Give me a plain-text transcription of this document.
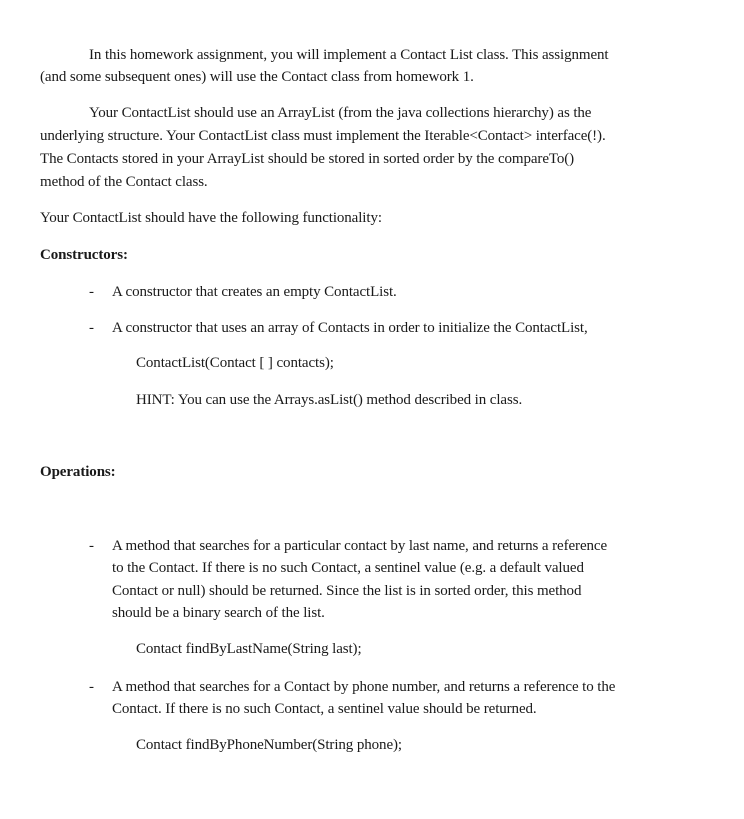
In this homework assignment, you will implement a Contact List class. This assignment
(and some subsequent ones) will use the Contact class from homework 1.
Your ContactList should use an ArrayList (from the java collections hierarchy) as the
underlying structure. Your ContactList class must implement the Iterable<Contact> interface(!).
The Contacts stored in your ArrayList should be stored in sorted order by the compareTo()
method of the Contact class.
Your ContactList should have the following functionality:
Constructors:
- A constructor that creates an empty ContactList.
- A constructor that uses an array of Contacts in order to initialize the ContactList,
ContactList(Contact [ ] contacts);
HINT: You can use the Arrays.asList() method described in class.
Operations:
- A method that searches for a particular contact by last name, and returns a reference
to the Contact. If there is no such Contact, a sentinel value (e.g. a default valued
Contact or null) should be returned. Since the list is in sorted order, this method
should be a binary search of the list.
Contact findByLastName(String last);
- A method that searches for a Contact by phone number, and returns a reference to the
Contact. If there is no such Contact, a sentinel value should be returned.
Contact findByPhoneNumber(String phone);
